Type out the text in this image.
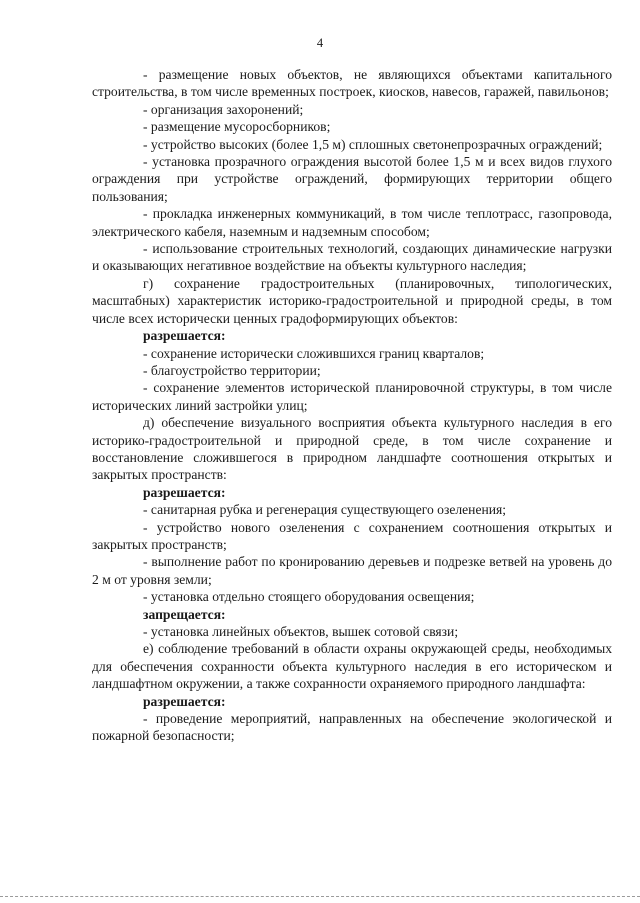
4

- размещение новых объектов, не являющихся объектами капитального строительства, в том числе временных построек, киосков, навесов, гаражей, павильонов;

- организация захоронений;

- размещение мусоросборников;

- устройство высоких (более 1,5 м) сплошных светонепрозрачных ограждений;

- установка прозрачного ограждения высотой более 1,5 м и всех видов глухого ограждения при устройстве ограждений, формирующих территории общего пользования;

- прокладка инженерных коммуникаций, в том числе теплотрасс, газопровода, электрического кабеля, наземным и надземным способом;

- использование строительных технологий, создающих динамические нагрузки и оказывающих негативное воздействие на объекты культурного наследия;

г) сохранение градостроительных (планировочных, типологических, масштабных) характеристик историко-градостроительной и природной среды, в том числе всех исторически ценных градоформирующих объектов:

разрешается:

- сохранение исторически сложившихся границ кварталов;

- благоустройство территории;

- сохранение элементов исторической планировочной структуры, в том числе исторических линий застройки улиц;

д) обеспечение визуального восприятия объекта культурного наследия в его историко-градостроительной и природной среде, в том числе сохранение и восстановление сложившегося в природном ландшафте соотношения открытых и закрытых пространств:

разрешается:

- санитарная рубка и регенерация существующего озеленения;

- устройство нового озеленения с сохранением соотношения открытых и закрытых пространств;

- выполнение работ по кронированию деревьев и подрезке ветвей на уровень до 2 м от уровня земли;

- установка отдельно стоящего оборудования освещения;

запрещается:

- установка линейных объектов, вышек сотовой связи;

е) соблюдение требований в области охраны окружающей среды, необходимых для обеспечения сохранности объекта культурного наследия в его историческом и ландшафтном окружении, а также сохранности охраняемого природного ландшафта:

разрешается:

- проведение мероприятий, направленных на обеспечение экологической и пожарной безопасности;
